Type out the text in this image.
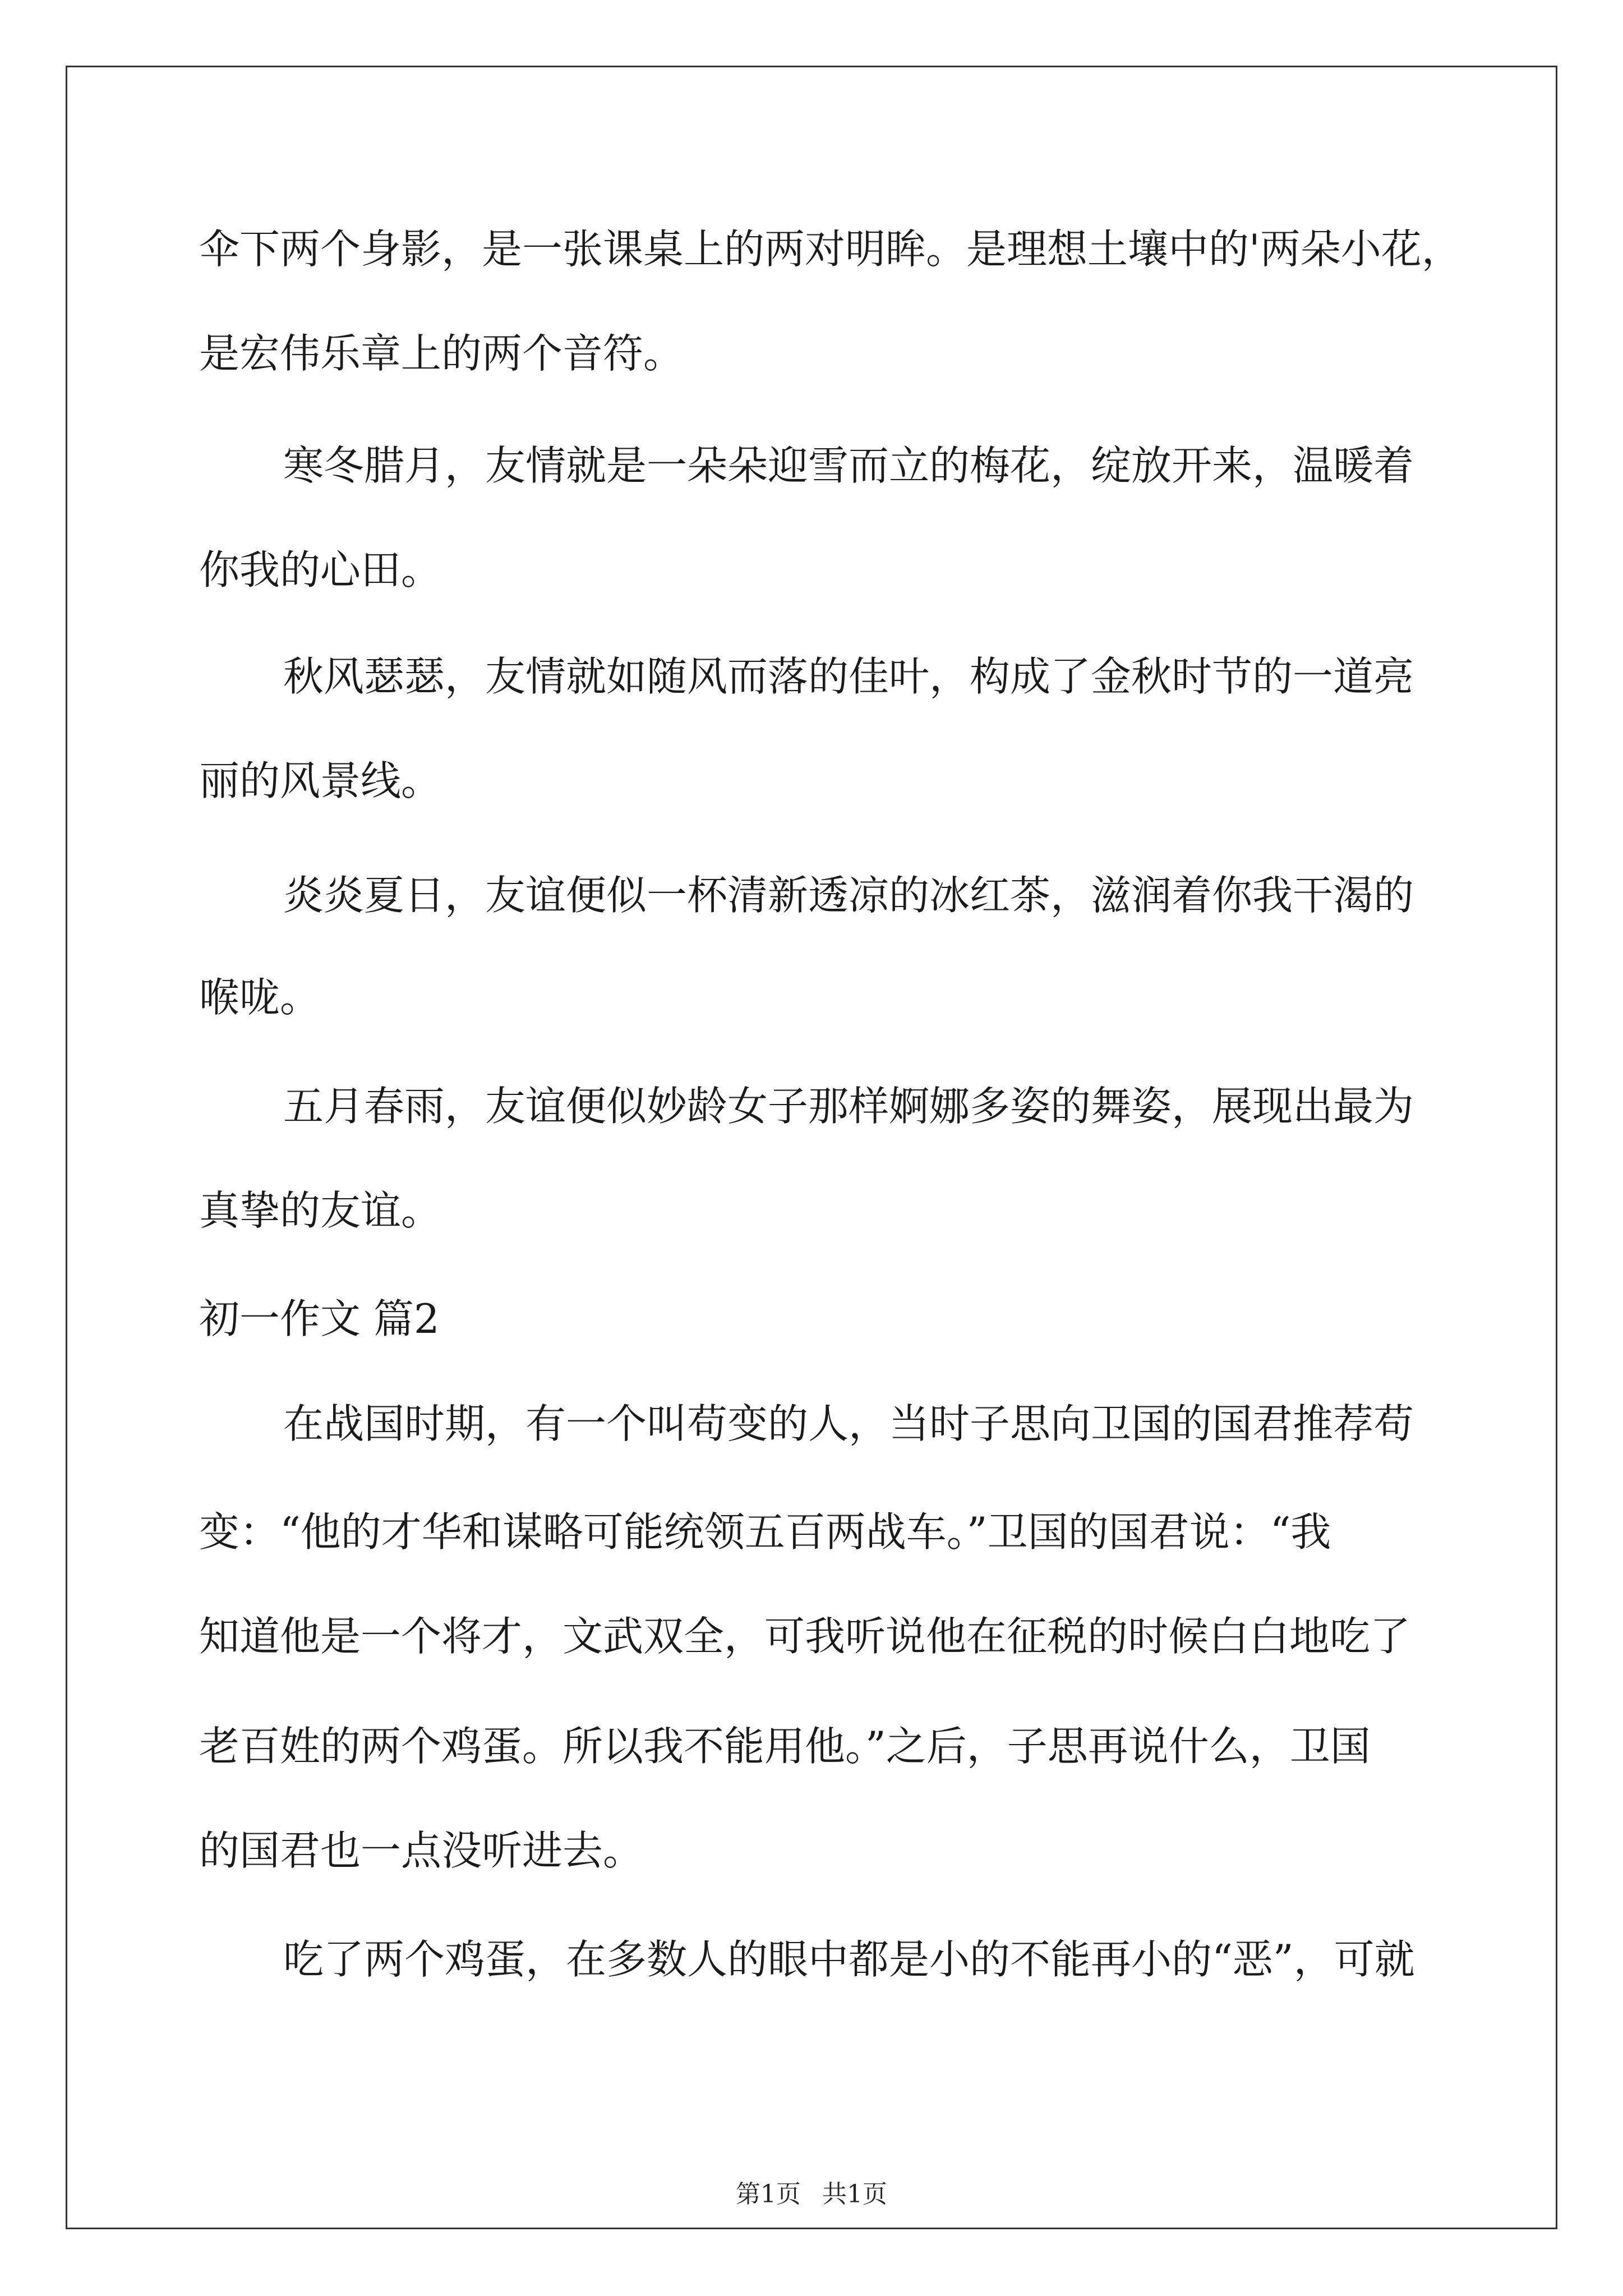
伞下两个身影，是一张课桌上的两对明眸。是理想土壤中的'两朵小花，
是宏伟乐章上的两个音符。
寒冬腊月，友情就是一朵朵迎雪而立的梅花，绽放开来，温暖着
你我的心田。
秋风瑟瑟，友情就如随风而落的佳叶，构成了金秋时节的一道亮
丽的风景线。
炎炎夏日，友谊便似一杯清新透凉的冰红茶，滋润着你我干渴的
喉咙。
五月春雨，友谊便似妙龄女子那样婀娜多姿的舞姿，展现出最为
真挚的友谊。
初一作文 篇2
在战国时期，有一个叫苟变的人，当时子思向卫国的国君推荐苟
变：“他的才华和谋略可能统领五百两战车。”卫国的国君说：“我
知道他是一个将才，文武双全，可我听说他在征税的时候白白地吃了
老百姓的两个鸡蛋。所以我不能用他。”之后，子思再说什么，卫国
的国君也一点没听进去。
吃了两个鸡蛋，在多数人的眼中都是小的不能再小的“恶”，可就
第1页 共1页
